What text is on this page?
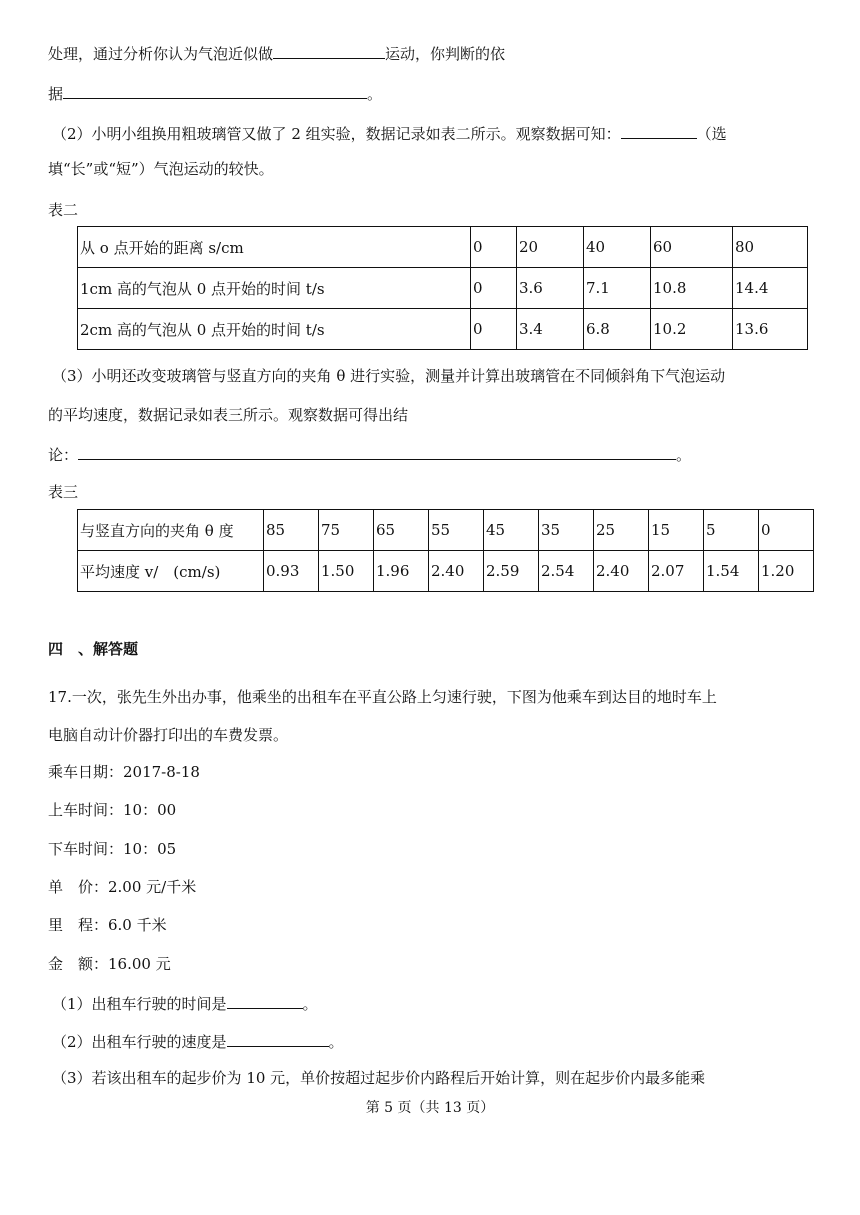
处理，通过分析你认为气泡近似做	运动，你判断的依
据	。
（2）小明小组换用粗玻璃管又做了 2 组实验，数据记录如表二所示。观察数据可知：	（选
填“长”或“短”）气泡运动的较快。
表二
从 o 点开始的距离 s/cm	0	20	40	60	80
1cm 高的气泡从 0 点开始的时间 t/s	0	3.6	7.1	10.8	14.4
2cm 高的气泡从 0 点开始的时间 t/s	0	3.4	6.8	10.2	13.6
（3）小明还改变玻璃管与竖直方向的夹角 θ 进行实验，测量并计算出玻璃管在不同倾斜角下气泡运动
的平均速度，数据记录如表三所示。观察数据可得出结
论：	。
表三
与竖直方向的夹角 θ 度	85	75	65	55	45	35	25	15	5	0
平均速度 v/　(cm/s)	0.93	1.50	1.96	2.40	2.59	2.54	2.40	2.07	1.54	1.20
四　、解答题
17.一次，张先生外出办事，他乘坐的出租车在平直公路上匀速行驶，下图为他乘车到达目的地时车上
电脑自动计价器打印出的车费发票。
乘车日期：2017-8-18
上车时间：10：00
下车时间：10：05
单　价：2.00 元/千米
里　程：6.0 千米
金　额：16.00 元
（1）出租车行驶的时间是	。
（2）出租车行驶的速度是	。
（3）若该出租车的起步价为 10 元，单价按超过起步价内路程后开始计算，则在起步价内最多能乘
第 5 页（共 13 页）
